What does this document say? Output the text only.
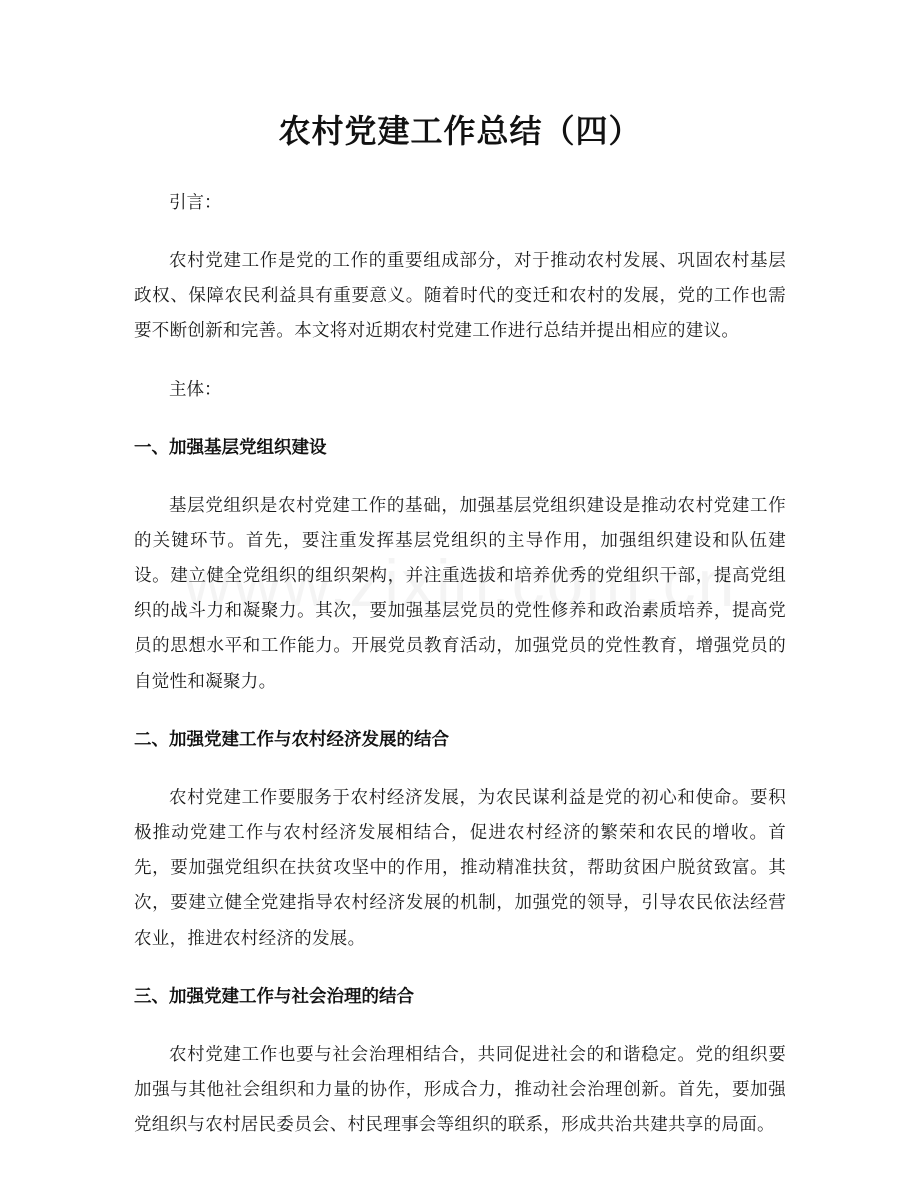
农村党建工作总结（四）

引言：

农村党建工作是党的工作的重要组成部分，对于推动农村发展、巩固农村基层政权、保障农民利益具有重要意义。随着时代的变迁和农村的发展，党的工作也需要不断创新和完善。本文将对近期农村党建工作进行总结并提出相应的建议。

主体：

一、加强基层党组织建设

基层党组织是农村党建工作的基础，加强基层党组织建设是推动农村党建工作的关键环节。首先，要注重发挥基层党组织的主导作用，加强组织建设和队伍建设。建立健全党组织的组织架构，并注重选拔和培养优秀的党组织干部，提高党组织的战斗力和凝聚力。其次，要加强基层党员的党性修养和政治素质培养，提高党员的思想水平和工作能力。开展党员教育活动，加强党员的党性教育，增强党员的自觉性和凝聚力。

二、加强党建工作与农村经济发展的结合

农村党建工作要服务于农村经济发展，为农民谋利益是党的初心和使命。要积极推动党建工作与农村经济发展相结合，促进农村经济的繁荣和农民的增收。首先，要加强党组织在扶贫攻坚中的作用，推动精准扶贫，帮助贫困户脱贫致富。其次，要建立健全党建指导农村经济发展的机制，加强党的领导，引导农民依法经营农业，推进农村经济的发展。

三、加强党建工作与社会治理的结合

农村党建工作也要与社会治理相结合，共同促进社会的和谐稳定。党的组织要加强与其他社会组织和力量的协作，形成合力，推动社会治理创新。首先，要加强党组织与农村居民委员会、村民理事会等组织的联系，形成共治共建共享的局面。
